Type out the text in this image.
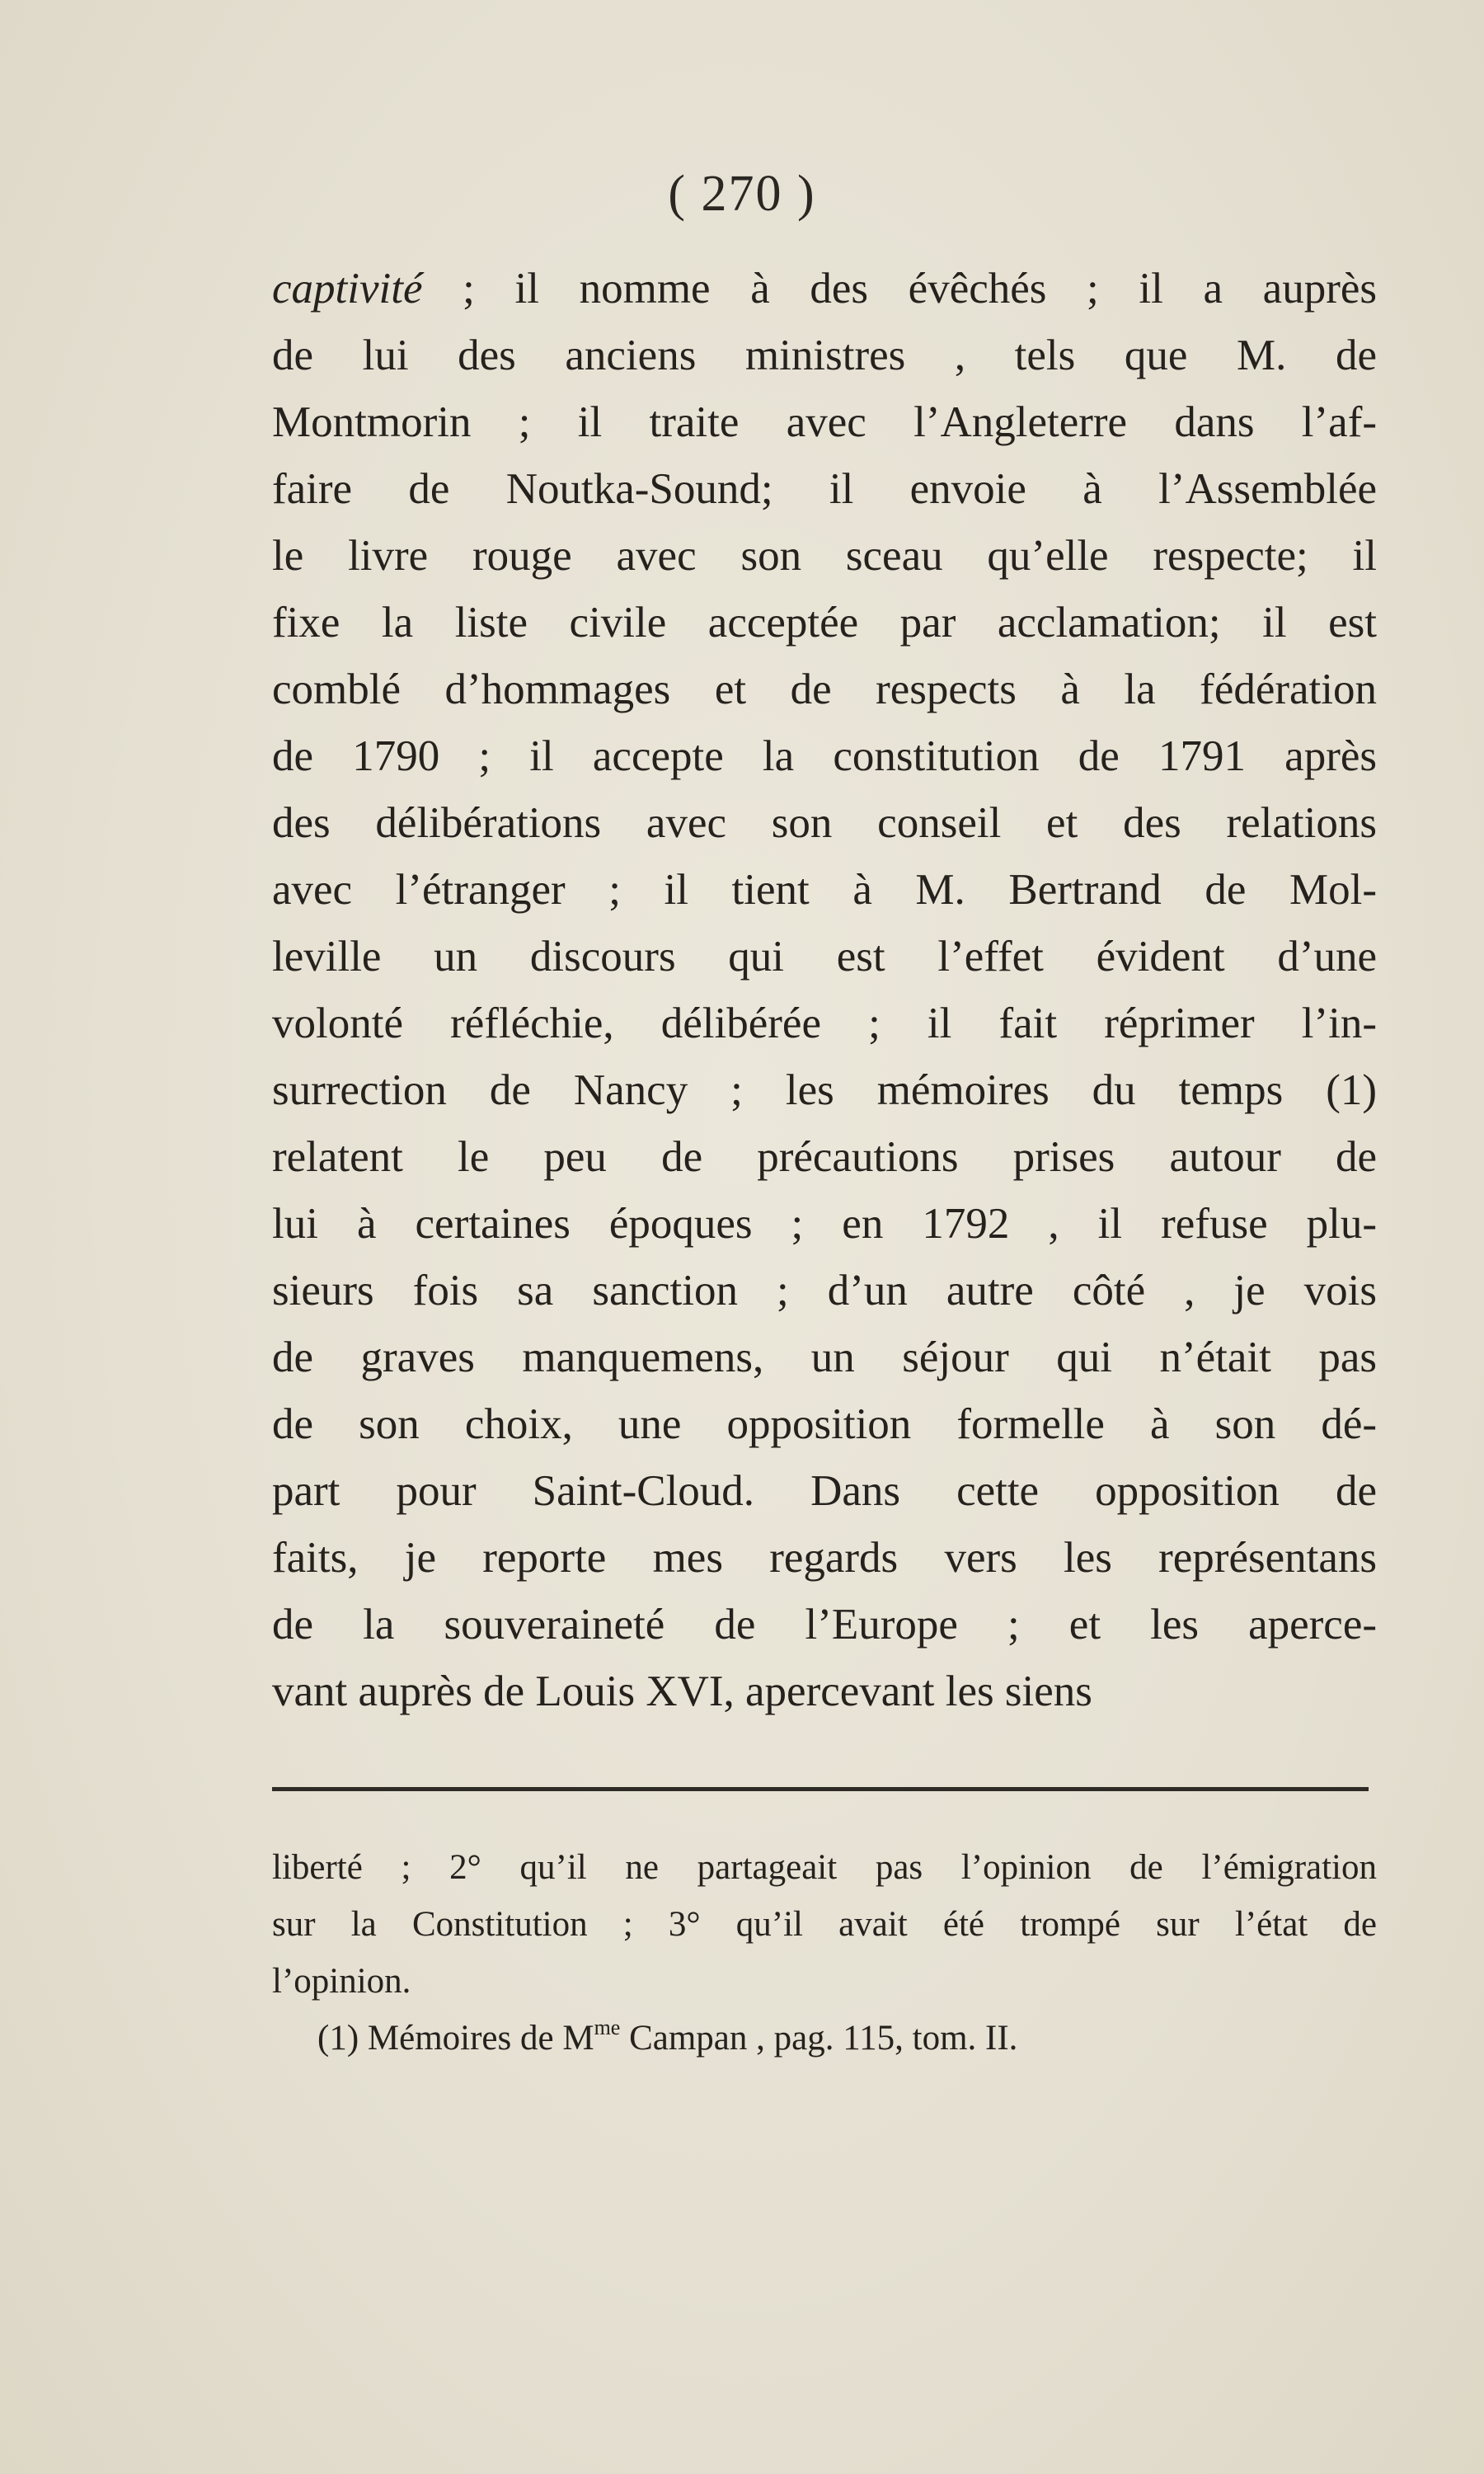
( 270 )
captivité ; il nomme à des évêchés ; il a auprès
de lui des anciens ministres , tels que M. de
Montmorin ; il traite avec l’Angleterre dans l’af-
faire de Noutka-Sound; il envoie à l’Assemblée
le livre rouge avec son sceau qu’elle respecte; il
fixe la liste civile acceptée par acclamation; il est
comblé d’hommages et de respects à la fédération
de 1790 ; il accepte la constitution de 1791 après
des délibérations avec son conseil et des relations
avec l’étranger ; il tient à M. Bertrand de Mol-
leville un discours qui est l’effet évident d’une
volonté réfléchie, délibérée ; il fait réprimer l’in-
surrection de Nancy ; les mémoires du temps (1)
relatent le peu de précautions prises autour de
lui à certaines époques ; en 1792 , il refuse plu-
sieurs fois sa sanction ; d’un autre côté , je vois
de graves manquemens, un séjour qui n’était pas
de son choix, une opposition formelle à son dé-
part pour Saint-Cloud. Dans cette opposition de
faits, je reporte mes regards vers les représentans
de la souveraineté de l’Europe ; et les aperce-
vant auprès de Louis XVI, apercevant les siens
liberté ; 2° qu’il ne partageait pas l’opinion de l’émigration
sur la Constitution ; 3° qu’il avait été trompé sur l’état de
l’opinion.
(1) Mémoires de $M^{me}$ Campan , pag. 115, tom. II.
